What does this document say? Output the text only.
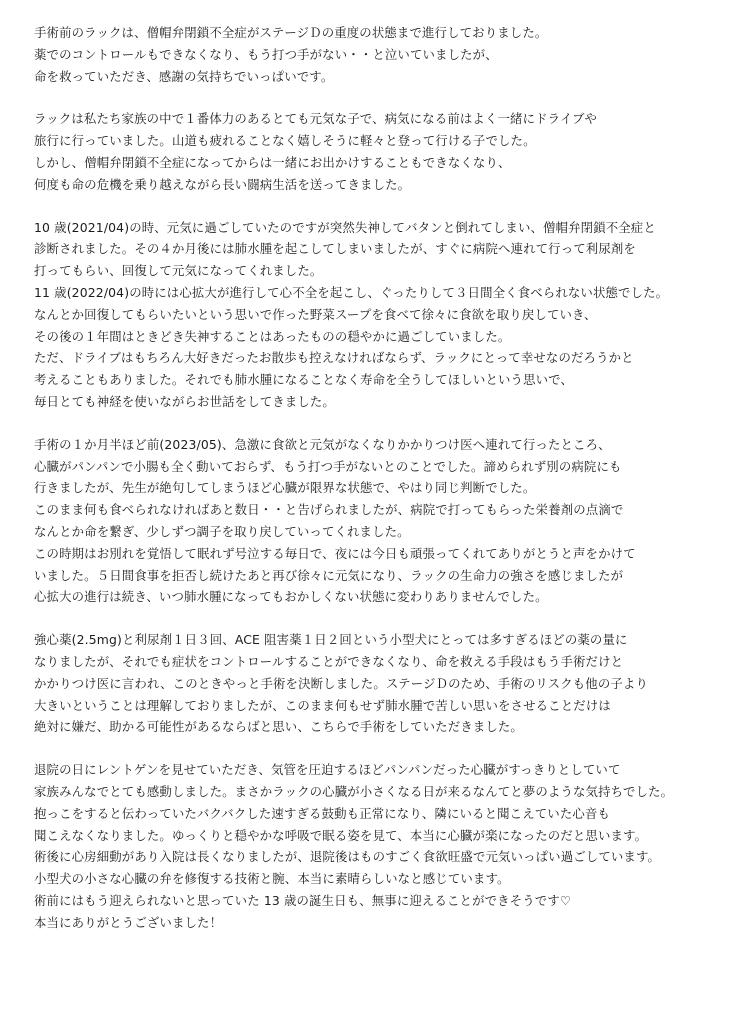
手術前のラックは、僧帽弁閉鎖不全症がステージＤの重度の状態まで進行しておりました。
薬でのコントロールもできなくなり、もう打つ手がない・・と泣いていましたが、
命を救っていただき、感謝の気持ちでいっぱいです。
ラックは私たち家族の中で１番体力のあるとても元気な子で、病気になる前はよく一緒にドライブや
旅行に行っていました。山道も疲れることなく嬉しそうに軽々と登って行ける子でした。
しかし、僧帽弁閉鎖不全症になってからは一緒にお出かけすることもできなくなり、
何度も命の危機を乗り越えながら長い闘病生活を送ってきました。
10 歳(2021/04)の時、元気に過ごしていたのですが突然失神してバタンと倒れてしまい、僧帽弁閉鎖不全症と
診断されました。その４か月後には肺水腫を起こしてしまいましたが、すぐに病院へ連れて行って利尿剤を
打ってもらい、回復して元気になってくれました。
11 歳(2022/04)の時には心拡大が進行して心不全を起こし、ぐったりして３日間全く食べられない状態でした。
なんとか回復してもらいたいという思いで作った野菜スープを食べて徐々に食欲を取り戻していき、
その後の１年間はときどき失神することはあったものの穏やかに過ごしていました。
ただ、ドライブはもちろん大好きだったお散歩も控えなければならず、ラックにとって幸せなのだろうかと
考えることもありました。それでも肺水腫になることなく寿命を全うしてほしいという思いで、
毎日とても神経を使いながらお世話をしてきました。
手術の１か月半ほど前(2023/05)、急激に食欲と元気がなくなりかかりつけ医へ連れて行ったところ、
心臓がパンパンで小腸も全く動いておらず、もう打つ手がないとのことでした。諦められず別の病院にも
行きましたが、先生が絶句してしまうほど心臓が限界な状態で、やはり同じ判断でした。
このまま何も食べられなければあと数日・・と告げられましたが、病院で打ってもらった栄養剤の点滴で
なんとか命を繋ぎ、少しずつ調子を取り戻していってくれました。
この時期はお別れを覚悟して眠れず号泣する毎日で、夜には今日も頑張ってくれてありがとうと声をかけて
いました。５日間食事を拒否し続けたあと再び徐々に元気になり、ラックの生命力の強さを感じましたが
心拡大の進行は続き、いつ肺水腫になってもおかしくない状態に変わりありませんでした。
強心薬(2.5mg)と利尿剤１日３回、ACE 阻害薬１日２回という小型犬にとっては多すぎるほどの薬の量に
なりましたが、それでも症状をコントロールすることができなくなり、命を救える手段はもう手術だけと
かかりつけ医に言われ、このときやっと手術を決断しました。ステージＤのため、手術のリスクも他の子より
大きいということは理解しておりましたが、このまま何もせず肺水腫で苦しい思いをさせることだけは
絶対に嫌だ、助かる可能性があるならばと思い、こちらで手術をしていただきました。
退院の日にレントゲンを見せていただき、気管を圧迫するほどパンパンだった心臓がすっきりとしていて
家族みんなでとても感動しました。まさかラックの心臓が小さくなる日が来るなんてと夢のような気持ちでした。
抱っこをすると伝わっていたバクバクした速すぎる鼓動も正常になり、隣にいると聞こえていた心音も
聞こえなくなりました。ゆっくりと穏やかな呼吸で眠る姿を見て、本当に心臓が楽になったのだと思います。
術後に心房細動があり入院は長くなりましたが、退院後はものすごく食欲旺盛で元気いっぱい過ごしています。
小型犬の小さな心臓の弁を修復する技術と腕、本当に素晴らしいなと感じています。
術前にはもう迎えられないと思っていた 13 歳の誕生日も、無事に迎えることができそうです♡
本当にありがとうございました！
